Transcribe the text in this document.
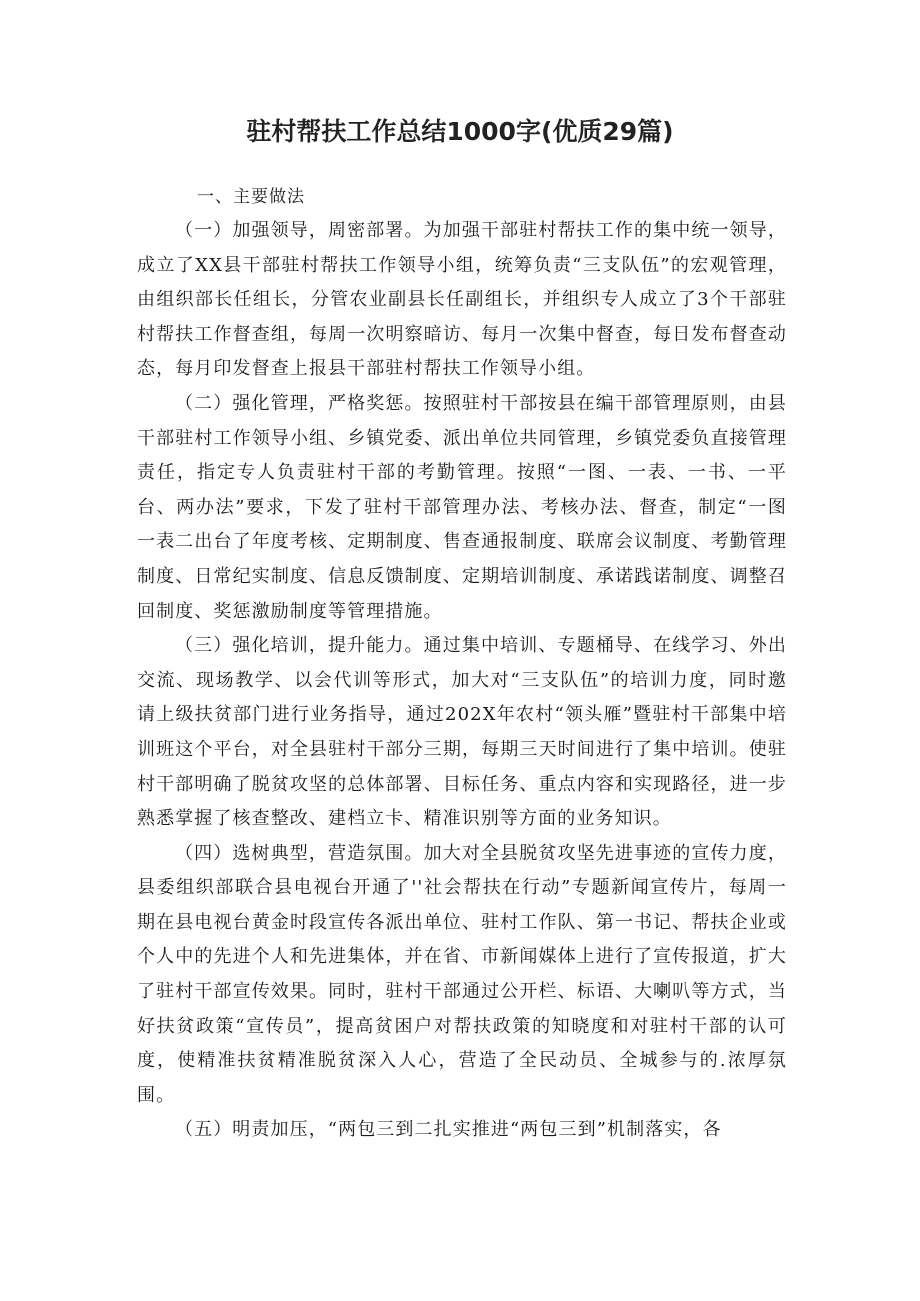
驻村帮扶工作总结1000字(优质29篇)

一、主要做法

（一）加强领导，周密部署。为加强干部驻村帮扶工作的集中统一领导，成立了XX县干部驻村帮扶工作领导小组，统筹负责“三支队伍”的宏观管理，由组织部长任组长，分管农业副县长任副组长，并组织专人成立了3个干部驻村帮扶工作督查组，每周一次明察暗访、每月一次集中督查，每日发布督查动态，每月印发督查上报县干部驻村帮扶工作领导小组。

（二）强化管理，严格奖惩。按照驻村干部按县在编干部管理原则，由县干部驻村工作领导小组、乡镇党委、派出单位共同管理，乡镇党委负直接管理责任，指定专人负责驻村干部的考勤管理。按照“一图、一表、一书、一平台、两办法”要求，下发了驻村干部管理办法、考核办法、督查，制定“一图一表二出台了年度考核、定期制度、售查通报制度、联席会议制度、考勤管理制度、日常纪实制度、信息反馈制度、定期培训制度、承诺践诺制度、调整召回制度、奖惩激励制度等管理措施。

（三）强化培训，提升能力。通过集中培训、专题桶导、在线学习、外出交流、现场教学、以会代训等形式，加大对“三支队伍”的培训力度，同时邀请上级扶贫部门进行业务指导，通过202X年农村“领头雁”暨驻村干部集中培训班这个平台，对全县驻村干部分三期，每期三天时间进行了集中培训。使驻村干部明确了脱贫攻坚的总体部署、目标任务、重点内容和实现路径，进一步熟悉掌握了核查整改、建档立卡、精准识别等方面的业务知识。

（四）选树典型，营造氛围。加大对全县脱贫攻坚先进事迹的宣传力度，县委组织部联合县电视台开通了''社会帮扶在行动”专题新闻宣传片，每周一期在县电视台黄金时段宣传各派出单位、驻村工作队、第一书记、帮扶企业或个人中的先进个人和先进集体，并在省、市新闻媒体上进行了宣传报道，扩大了驻村干部宣传效果。同时，驻村干部通过公开栏、标语、大喇叭等方式，当好扶贫政策“宣传员”，提高贫困户对帮扶政策的知晓度和对驻村干部的认可度，使精准扶贫精准脱贫深入人心，营造了全民动员、全城参与的.浓厚氛围。

（五）明责加压，“两包三到二扎实推进“两包三到”机制落实，各
